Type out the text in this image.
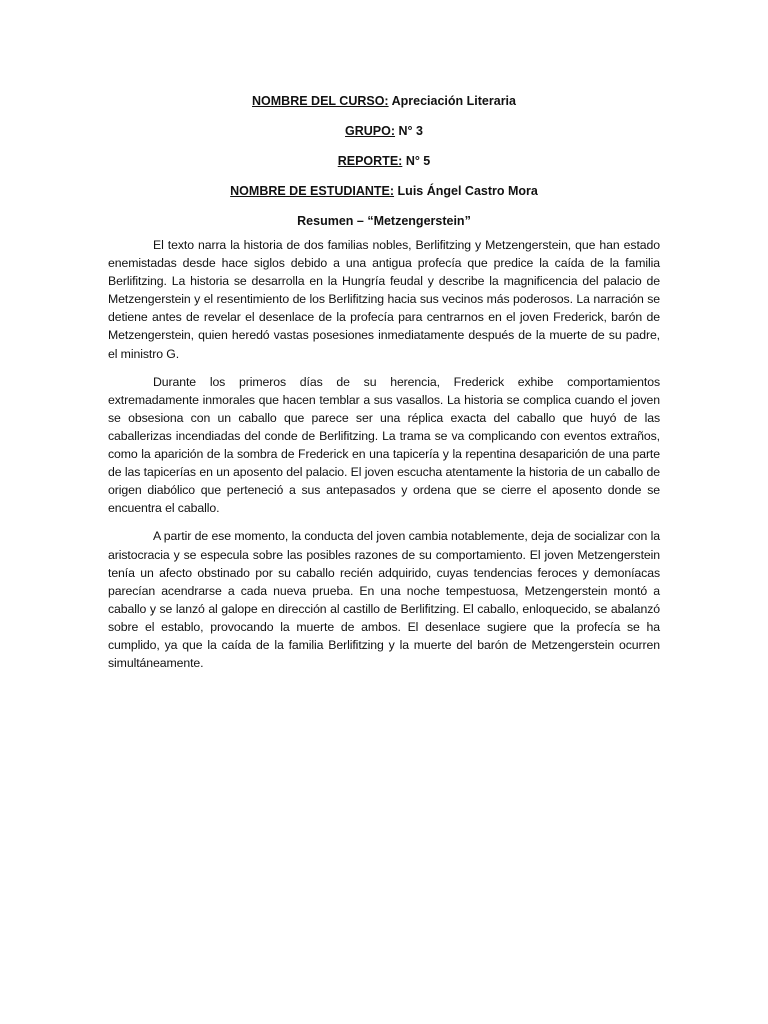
NOMBRE DEL CURSO: Apreciación Literaria
GRUPO: N° 3
REPORTE: N° 5
NOMBRE DE ESTUDIANTE: Luis Ángel Castro Mora
Resumen – “Metzengerstein”

El texto narra la historia de dos familias nobles, Berlifitzing y Metzengerstein, que han estado enemistadas desde hace siglos debido a una antigua profecía que predice la caída de la familia Berlifitzing. La historia se desarrolla en la Hungría feudal y describe la magnificencia del palacio de Metzengerstein y el resentimiento de los Berlifitzing hacia sus vecinos más poderosos. La narración se detiene antes de revelar el desenlace de la profecía para centrarnos en el joven Frederick, barón de Metzengerstein, quien heredó vastas posesiones inmediatamente después de la muerte de su padre, el ministro G.

Durante los primeros días de su herencia, Frederick exhibe comportamientos extremadamente inmorales que hacen temblar a sus vasallos. La historia se complica cuando el joven se obsesiona con un caballo que parece ser una réplica exacta del caballo que huyó de las caballerizas incendiadas del conde de Berlifitzing. La trama se va complicando con eventos extraños, como la aparición de la sombra de Frederick en una tapicería y la repentina desaparición de una parte de las tapicerías en un aposento del palacio. El joven escucha atentamente la historia de un caballo de origen diabólico que perteneció a sus antepasados y ordena que se cierre el aposento donde se encuentra el caballo.

A partir de ese momento, la conducta del joven cambia notablemente, deja de socializar con la aristocracia y se especula sobre las posibles razones de su comportamiento. El joven Metzengerstein tenía un afecto obstinado por su caballo recién adquirido, cuyas tendencias feroces y demoníacas parecían acendrarse a cada nueva prueba. En una noche tempestuosa, Metzengerstein montó a caballo y se lanzó al galope en dirección al castillo de Berlifitzing. El caballo, enloquecido, se abalanzó sobre el establo, provocando la muerte de ambos. El desenlace sugiere que la profecía se ha cumplido, ya que la caída de la familia Berlifitzing y la muerte del barón de Metzengerstein ocurren simultáneamente.
